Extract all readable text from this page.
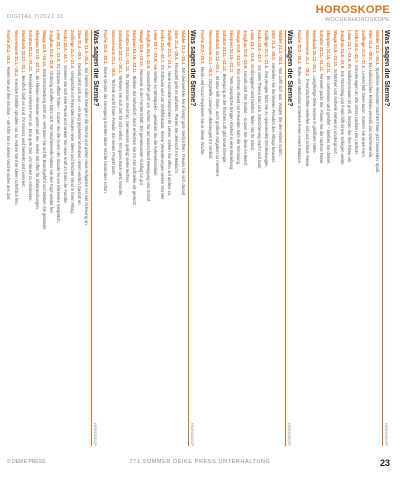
DIGITAL 7/2021 31
HOROSKOPE
WOCHENHOROSKOPE
Was sagen die Sterne?
HOROSKOP
Widder 21.3.–20.4.Sie starten voller Energie in die Woche und gehen neue Aufgaben mit viel Schwung an.
Stier 21.4.–20.5.Geduld zahlt sich aus – ein lang geplantes Vorhaben nimmt endlich Gestalt an.
Zwillinge 21.5.–21.6.Gespräche mit Freunden bringen neue Ideen und frischen Wind in Ihren Alltag.
Krebs 22.6.–22.7.Gönnen Sie sich eine Pause und tanken Sie neue Kraft im Kreis der Familie.
Löwe 23.7.–23.8.Ihr Charme öffnet Türen – nutzen Sie die Gunst der Stunde für ein klärendes Gespräch.
Jungfrau 24.8.–23.9.Ordnung schaffen lohnt sich: Am Wochenende haben Sie den Kopf wieder frei.
Waage 24.9.–23.10.Eine Entscheidung steht an. Vertrauen Sie auf Ihr Bauchgefühl und bleiben Sie gelassen.
Skorpion 24.10.–22.11.Ein kleines Abenteuer wartet auf Sie. Seien Sie offen für Überraschungen.
Schütze 23.11.–21.12.Reisepläne nehmen Form an. Eine gute Zeit, um Neues zu entdecken.
Steinbock 22.12.–20.1.Beruflich läuft es rund. Ihr Einsatz wird bemerkt und honoriert.
Wassermann 21.1.–19.2.Kreative Einfälle sprudeln nur so. Halten Sie Ihre Ideen schriftlich fest.
Fische 20.2.–20.3.Hören Sie auf Ihre Intuition – sie führt Sie in dieser Woche sicher ans Ziel.	Was sagen die Sterne?
HOROSKOP
Widder 21.3.–20.4.Ein unerwarteter Anruf bringt gute Nachrichten. Freuen Sie sich darauf.
Stier 21.4.–20.5.Finanziell geht es aufwärts. Planen Sie dennoch mit Bedacht.
Zwillinge 21.5.–21.6.Neue Kontakte bereichern Ihr Leben. Gehen Sie offen auf andere zu.
Krebs 22.6.–22.7.Ihr Zuhause wird zur Wohlfühloase. Kleine Veränderungen wirken Wunder.
Löwe 23.7.–23.8.Sie stehen im Mittelpunkt – genießen Sie die Aufmerksamkeit.
Jungfrau 24.8.–23.9.Gesundheit geht vor. Achten Sie auf ausreichend Bewegung und Schlaf.
Waage 24.9.–23.10.Harmonie in der Partnerschaft. Ein gemeinsamer Ausflug tut gut.
Skorpion 24.10.–22.11.Bleiben Sie beharrlich, dann erreichen Sie Ihr Ziel schneller als gedacht.
Schütze 23.11.–21.12.Ihr Optimismus steckt an. Gemeinsam gelingt vieles leichter.
Steinbock 22.12.–20.1.Nehmen Sie sich Zeit für sich selbst. Ein gutes Buch wirkt Wunder.
Wassermann 21.1.–19.2.Technik macht Ihnen Freude. Ein neues Projekt lockt.
Fische 20.2.–20.3.Kleine Gesten der Zuneigung machen diese Woche besonders schön.	Was sagen die Sterne?
HOROSKOP
Widder 21.3.–20.4.Mut zahlt sich aus. Wagen Sie den ersten Schritt.
Stier 21.4.–20.5.Genießen Sie die kleinen Freuden des Alltags bewusst.
Zwillinge 21.5.–21.6.Ihre Neugier führt Sie zu spannenden Entdeckungen.
Krebs 22.6.–22.7.Ein altes Thema klärt sich. Erleichterung macht sich breit.
Löwe 23.7.–23.8.Großzügigkeit wird belohnt. Teilen Sie Ihr Glück.
Jungfrau 24.8.–23.9.Details sind Ihre Stärke – nutzen Sie diese im Beruf.
Waage 24.9.–23.10.Ein schöner Abend mit Freunden hebt die Stimmung.
Skorpion 24.10.–22.11.Tiefe Gespräche bringen Klarheit in eine Beziehung.
Schütze 23.11.–21.12.Bewegung an der frischen Luft gibt neue Energie.
Steinbock 22.12.–20.1.Struktur hilft Ihnen, auch größere Aufgaben zu meistern.
Wassermann 21.1.–19.2.Originelle Lösungen überzeugen Ihr Umfeld.
Fische 20.2.–20.3.Musik und Kunst inspirieren Sie in dieser Woche.	Was sagen die Sterne?
HOROSKOP
Widder 21.3.–20.4.Sportliche Aktivitäten machen Ihnen jetzt besonders Spaß.
Stier 21.4.–20.5.Ein kulinarisches Erlebnis versüßt das Wochenende.
Zwillinge 21.5.–21.6.Lernen fällt Ihnen leicht. Starten Sie einen Kurs.
Krebs 22.6.–22.7.Erinnerungen an alte Zeiten zaubern ein Lächeln.
Löwe 23.7.–23.8.Ihr Selbstvertrauen ist groß. Setzen Sie Ihre Pläne um.
Jungfrau 24.8.–23.9.Ein Ratschlag von Ihnen hilft einem Kollegen weiter.
Waage 24.9.–23.10.Schönheit und Ästhetik stehen im Vordergrund.
Skorpion 24.10.–22.11.Ein Geheimnis wird gelüftet – bleiben Sie diskret.
Schütze 23.11.–21.12.Fernweh packt Sie. Planen Sie die nächste Reise.
Steinbock 22.12.–20.1.Langfristige Ziele rücken in greifbare Nähe.
Wassermann 21.1.–19.2.Freundschaften vertiefen sich auf schöne Weise.
Fische 20.2.–20.3.Ruhe und Meditation schenken Ihnen innere Balance.
© DEIKE PRESS	771 SOMMER DEIKE PRESS UNTERHALTUNG	23
